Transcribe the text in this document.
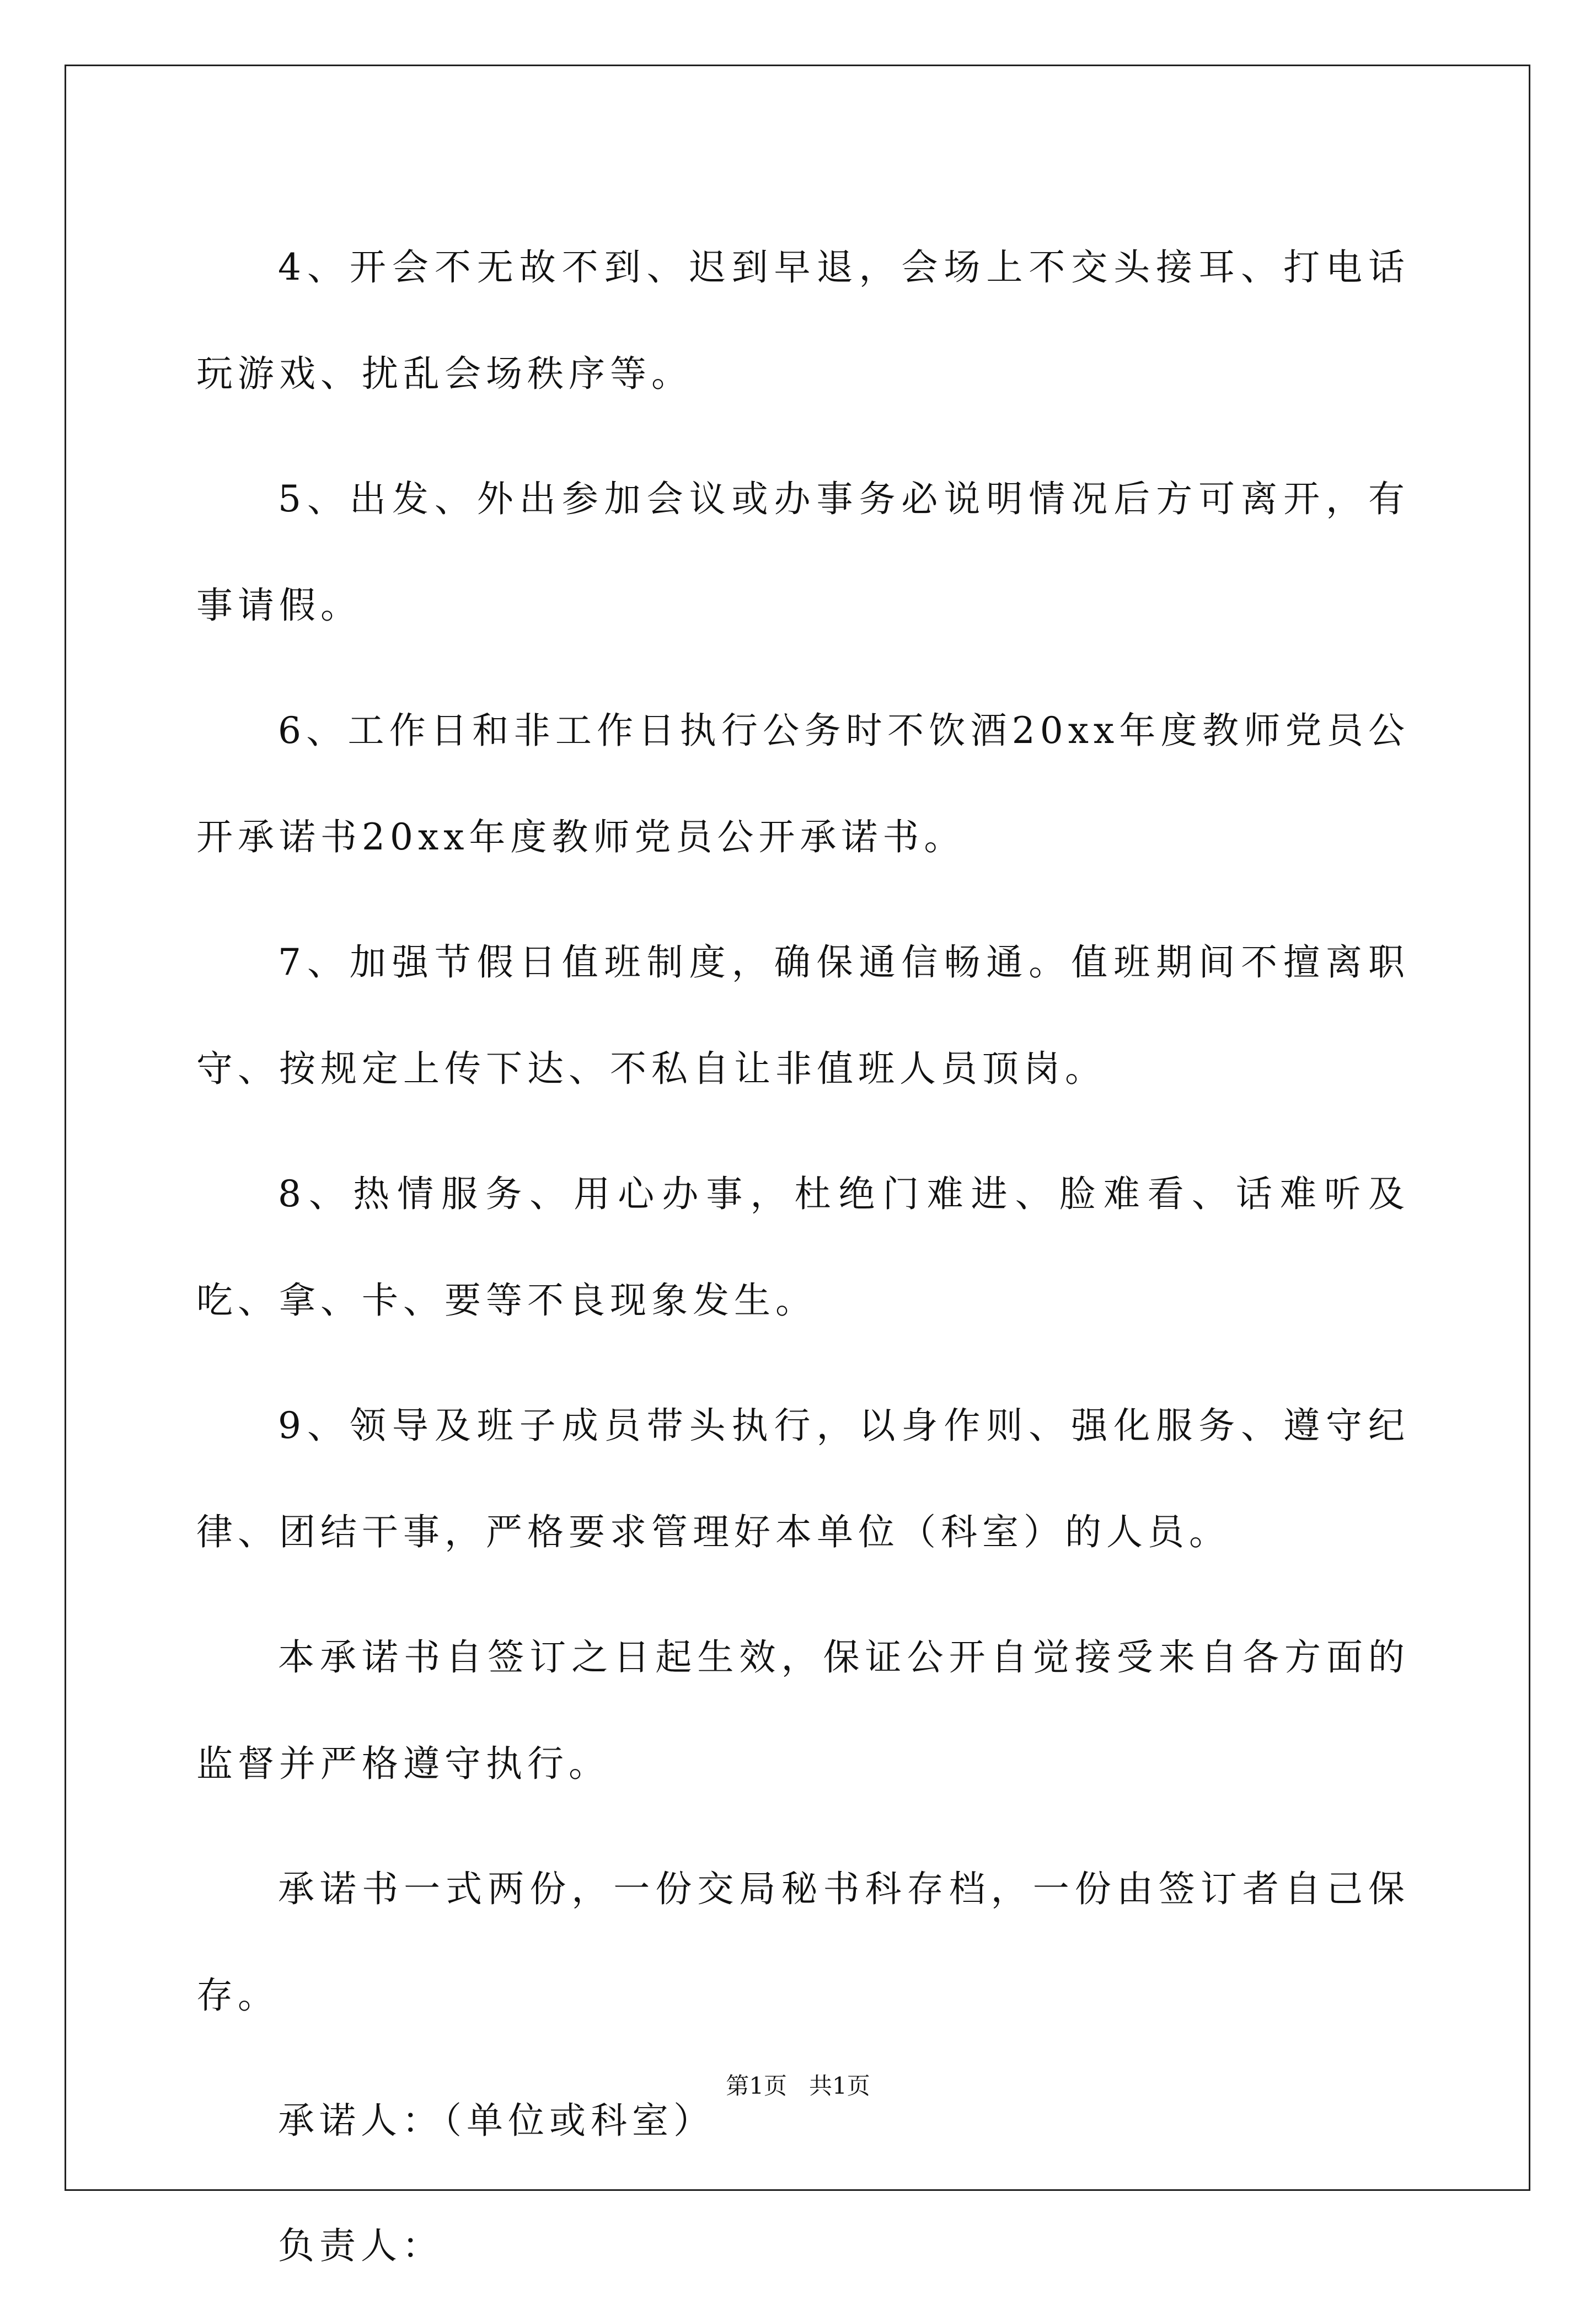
4、开会不无故不到、迟到早退，会场上不交头接耳、打电话玩游戏、扰乱会场秩序等。

5、出发、外出参加会议或办事务必说明情况后方可离开，有事请假。

6、工作日和非工作日执行公务时不饮酒20xx年度教师党员公开承诺书20xx年度教师党员公开承诺书。

7、加强节假日值班制度，确保通信畅通。值班期间不擅离职守、按规定上传下达、不私自让非值班人员顶岗。

8、热情服务、用心办事，杜绝门难进、脸难看、话难听及吃、拿、卡、要等不良现象发生。

9、领导及班子成员带头执行，以身作则、强化服务、遵守纪律、团结干事，严格要求管理好本单位（科室）的人员。

本承诺书自签订之日起生效，保证公开自觉接受来自各方面的监督并严格遵守执行。

承诺书一式两份，一份交局秘书科存档，一份由签订者自己保存。

承诺人：（单位或科室）

负责人：

第1页 共1页
